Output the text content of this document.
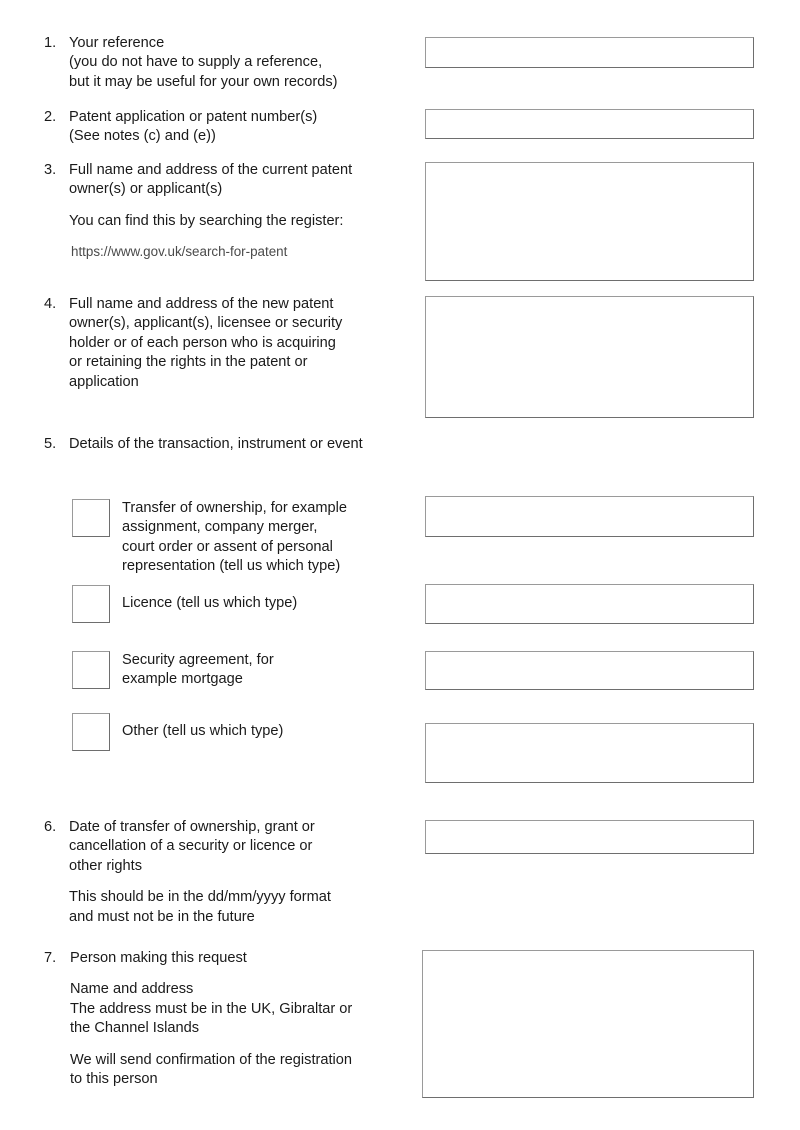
1. Your reference
(you do not have to supply a reference,
but it may be useful for your own records)
2. Patent application or patent number(s)
(See notes (c) and (e))
3. Full name and address of the current patent
owner(s) or applicant(s)
You can find this by searching the register:
https://www.gov.uk/search-for-patent
4. Full name and address of the new patent
owner(s), applicant(s), licensee or security
holder or of each person who is acquiring
or retaining the rights in the patent or
application
5. Details of the transaction, instrument or event
Transfer of ownership, for example
assignment, company merger,
court order or assent of personal
representation (tell us which type)
Licence (tell us which type)
Security agreement, for
example mortgage
Other (tell us which type)
6. Date of transfer of ownership, grant or
cancellation of a security or licence or
other rights
This should be in the dd/mm/yyyy format
and must not be in the future
7. Person making this request
Name and address
The address must be in the UK, Gibraltar or
the Channel Islands
We will send confirmation of the registration
to this person
